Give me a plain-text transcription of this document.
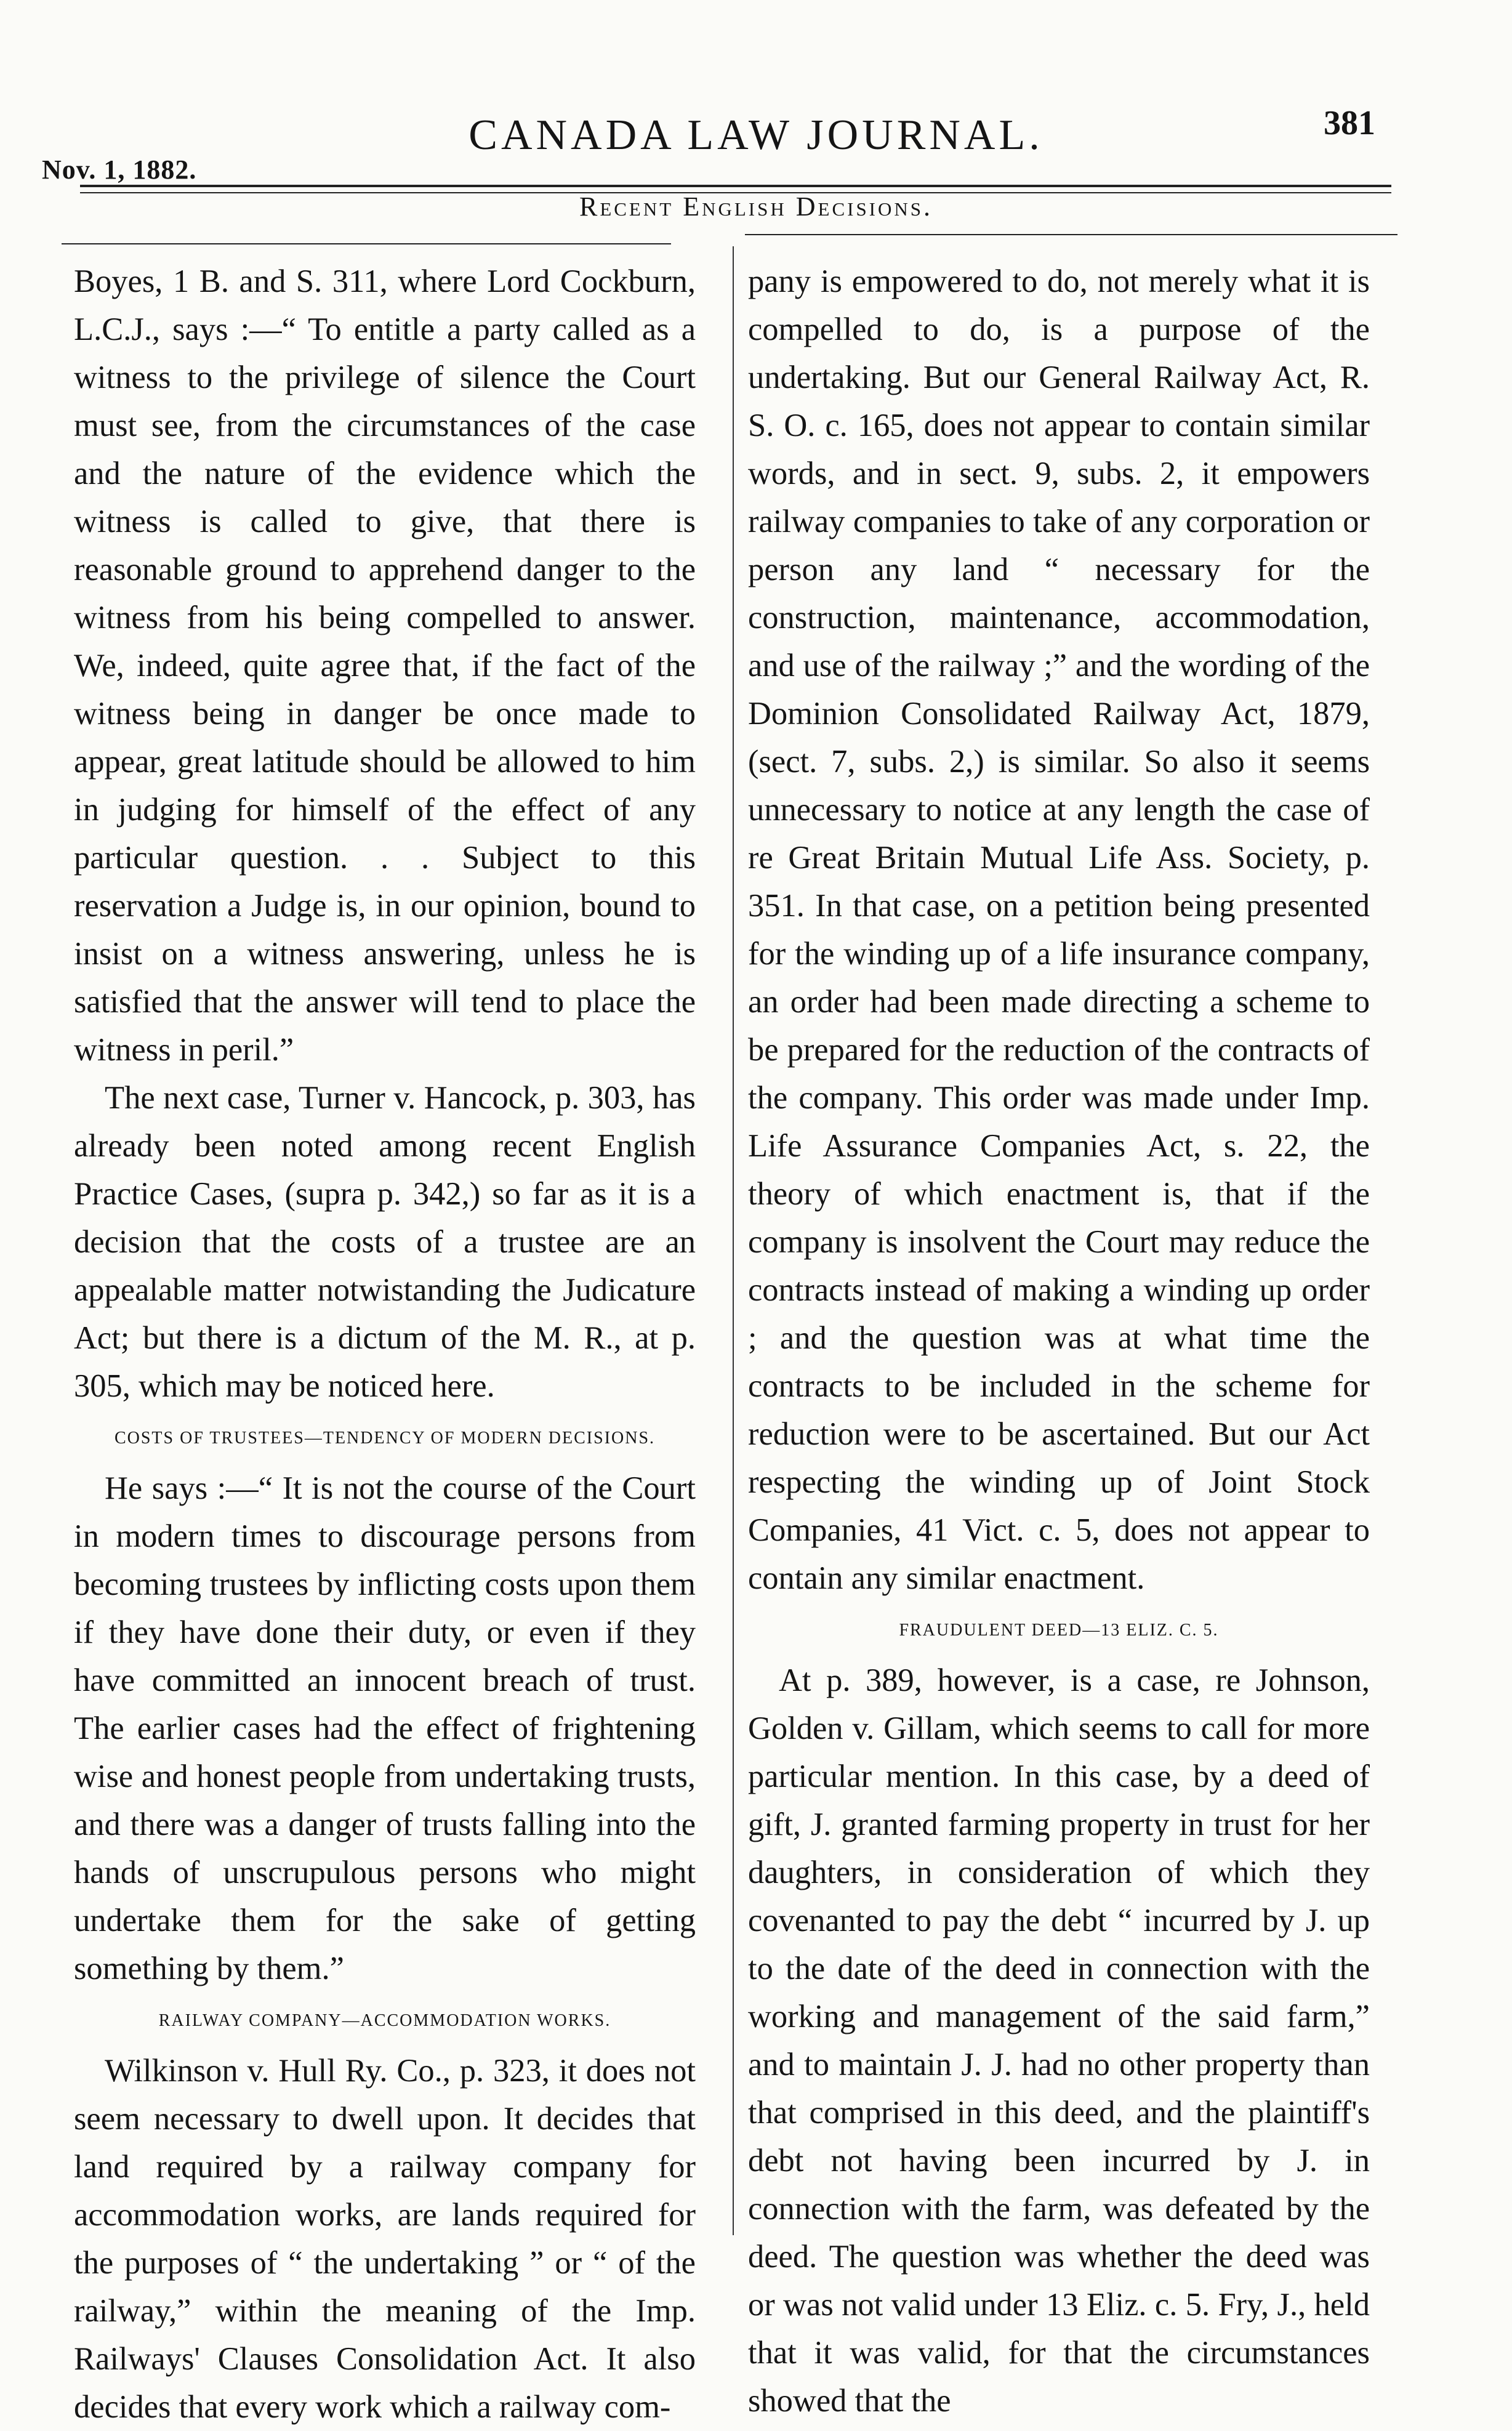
Nov. 1, 1882.
CANADA LAW JOURNAL.	381
Recent English Decisions.

Boyes, 1 B. and S. 311, where Lord Cockburn, L.C.J., says :—“ To entitle a party called as a witness to the privilege of silence the Court must see, from the circumstances of the case and the nature of the evidence which the witness is called to give, that there is reasonable ground to apprehend danger to the witness from his being compelled to answer. We, indeed, quite agree that, if the fact of the witness being in danger be once made to appear, great latitude should be allowed to him in judging for himself of the effect of any particular question. . . Subject to this reservation a Judge is, in our opinion, bound to insist on a witness answering, unless he is satisfied that the answer will tend to place the witness in peril.”

The next case, Turner v. Hancock, p. 303, has already been noted among recent English Practice Cases, (supra p. 342,) so far as it is a decision that the costs of a trustee are an appealable matter notwistanding the Judicature Act; but there is a dictum of the M. R., at p. 305, which may be noticed here.

COSTS OF TRUSTEES—TENDENCY OF MODERN DECISIONS.

He says :—“ It is not the course of the Court in modern times to discourage persons from becoming trustees by inflicting costs upon them if they have done their duty, or even if they have committed an innocent breach of trust. The earlier cases had the effect of frightening wise and honest people from undertaking trusts, and there was a danger of trusts falling into the hands of unscrupulous persons who might undertake them for the sake of getting something by them.”

RAILWAY COMPANY—ACCOMMODATION WORKS.

Wilkinson v. Hull Ry. Co., p. 323, it does not seem necessary to dwell upon. It decides that land required by a railway company for accommodation works, are lands required for the purposes of “ the undertaking ” or “ of the railway,” within the meaning of the Imp. Railways' Clauses Consolidation Act. It also decides that every work which a railway com-

pany is empowered to do, not merely what it is compelled to do, is a purpose of the undertaking. But our General Railway Act, R. S. O. c. 165, does not appear to contain similar words, and in sect. 9, subs. 2, it empowers railway companies to take of any corporation or person any land “ necessary for the construction, maintenance, accommodation, and use of the railway ;” and the wording of the Dominion Consolidated Railway Act, 1879, (sect. 7, subs. 2,) is similar. So also it seems unnecessary to notice at any length the case of re Great Britain Mutual Life Ass. Society, p. 351. In that case, on a petition being presented for the winding up of a life insurance company, an order had been made directing a scheme to be prepared for the reduction of the contracts of the company. This order was made under Imp. Life Assurance Companies Act, s. 22, the theory of which enactment is, that if the company is insolvent the Court may reduce the contracts instead of making a winding up order ; and the question was at what time the contracts to be included in the scheme for reduction were to be ascertained. But our Act respecting the winding up of Joint Stock Companies, 41 Vict. c. 5, does not appear to contain any similar enactment.

FRAUDULENT DEED—13 ELIZ. C. 5.

At p. 389, however, is a case, re Johnson, Golden v. Gillam, which seems to call for more particular mention. In this case, by a deed of gift, J. granted farming property in trust for her daughters, in consideration of which they covenanted to pay the debt “ incurred by J. up to the date of the deed in connection with the working and management of the said farm,” and to maintain J. J. had no other property than that comprised in this deed, and the plaintiff's debt not having been incurred by J. in connection with the farm, was defeated by the deed. The question was whether the deed was or was not valid under 13 Eliz. c. 5. Fry, J., held that it was valid, for that the circumstances showed that the
